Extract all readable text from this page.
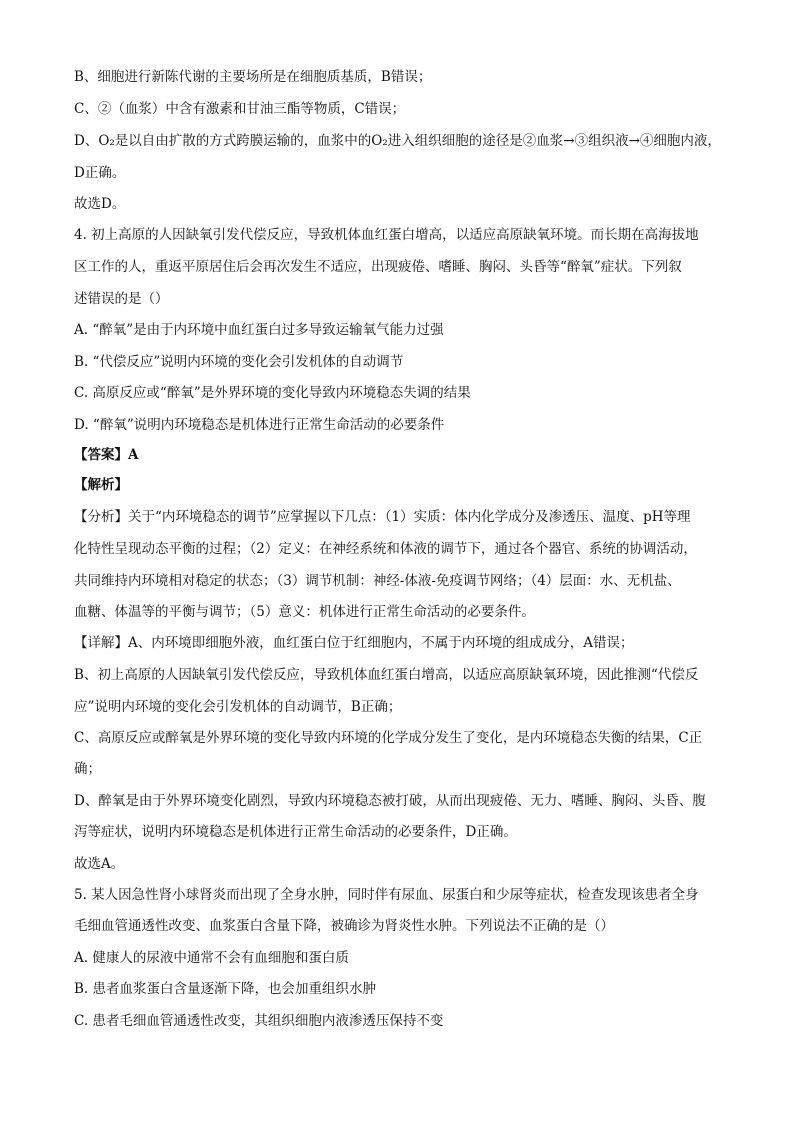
B、细胞进行新陈代谢的主要场所是在细胞质基质，B错误；
C、②（血浆）中含有激素和甘油三酯等物质，C错误；
D、O₂是以自由扩散的方式跨膜运输的，血浆中的O₂进入组织细胞的途径是②血浆→③组织液→④细胞内液，
D正确。
故选D。
4. 初上高原的人因缺氧引发代偿反应，导致机体血红蛋白增高，以适应高原缺氧环境。而长期在高海拔地
区工作的人，重返平原居住后会再次发生不适应，出现疲倦、嗜睡、胸闷、头昏等“醉氧”症状。下列叙
述错误的是（）
A. “醉氧”是由于内环境中血红蛋白过多导致运输氧气能力过强
B. “代偿反应”说明内环境的变化会引发机体的自动调节
C. 高原反应或“醉氧”是外界环境的变化导致内环境稳态失调的结果
D. “醉氧”说明内环境稳态是机体进行正常生命活动的必要条件
【答案】A
【解析】
【分析】关于“内环境稳态的调节”应掌握以下几点：（1）实质：体内化学成分及渗透压、温度、pH等理
化特性呈现动态平衡的过程；（2）定义：在神经系统和体液的调节下，通过各个器官、系统的协调活动，
共同维持内环境相对稳定的状态；（3）调节机制：神经-体液-免疫调节网络；（4）层面：水、无机盐、
血糖、体温等的平衡与调节；（5）意义：机体进行正常生命活动的必要条件。
【详解】A、内环境即细胞外液，血红蛋白位于红细胞内，不属于内环境的组成成分，A错误；
B、初上高原的人因缺氧引发代偿反应，导致机体血红蛋白增高，以适应高原缺氧环境，因此推测“代偿反
应”说明内环境的变化会引发机体的自动调节，B正确；
C、高原反应或醉氧是外界环境的变化导致内环境的化学成分发生了变化，是内环境稳态失衡的结果，C正
确；
D、醉氧是由于外界环境变化剧烈，导致内环境稳态被打破，从而出现疲倦、无力、嗜睡、胸闷、头昏、腹
泻等症状，说明内环境稳态是机体进行正常生命活动的必要条件，D正确。
故选A。
5. 某人因急性肾小球肾炎而出现了全身水肿，同时伴有尿血、尿蛋白和少尿等症状，检查发现该患者全身
毛细血管通透性改变、血浆蛋白含量下降，被确诊为肾炎性水肿。下列说法不正确的是（）
A. 健康人的尿液中通常不会有血细胞和蛋白质
B. 患者血浆蛋白含量逐渐下降，也会加重组织水肿
C. 患者毛细血管通透性改变，其组织细胞内液渗透压保持不变
